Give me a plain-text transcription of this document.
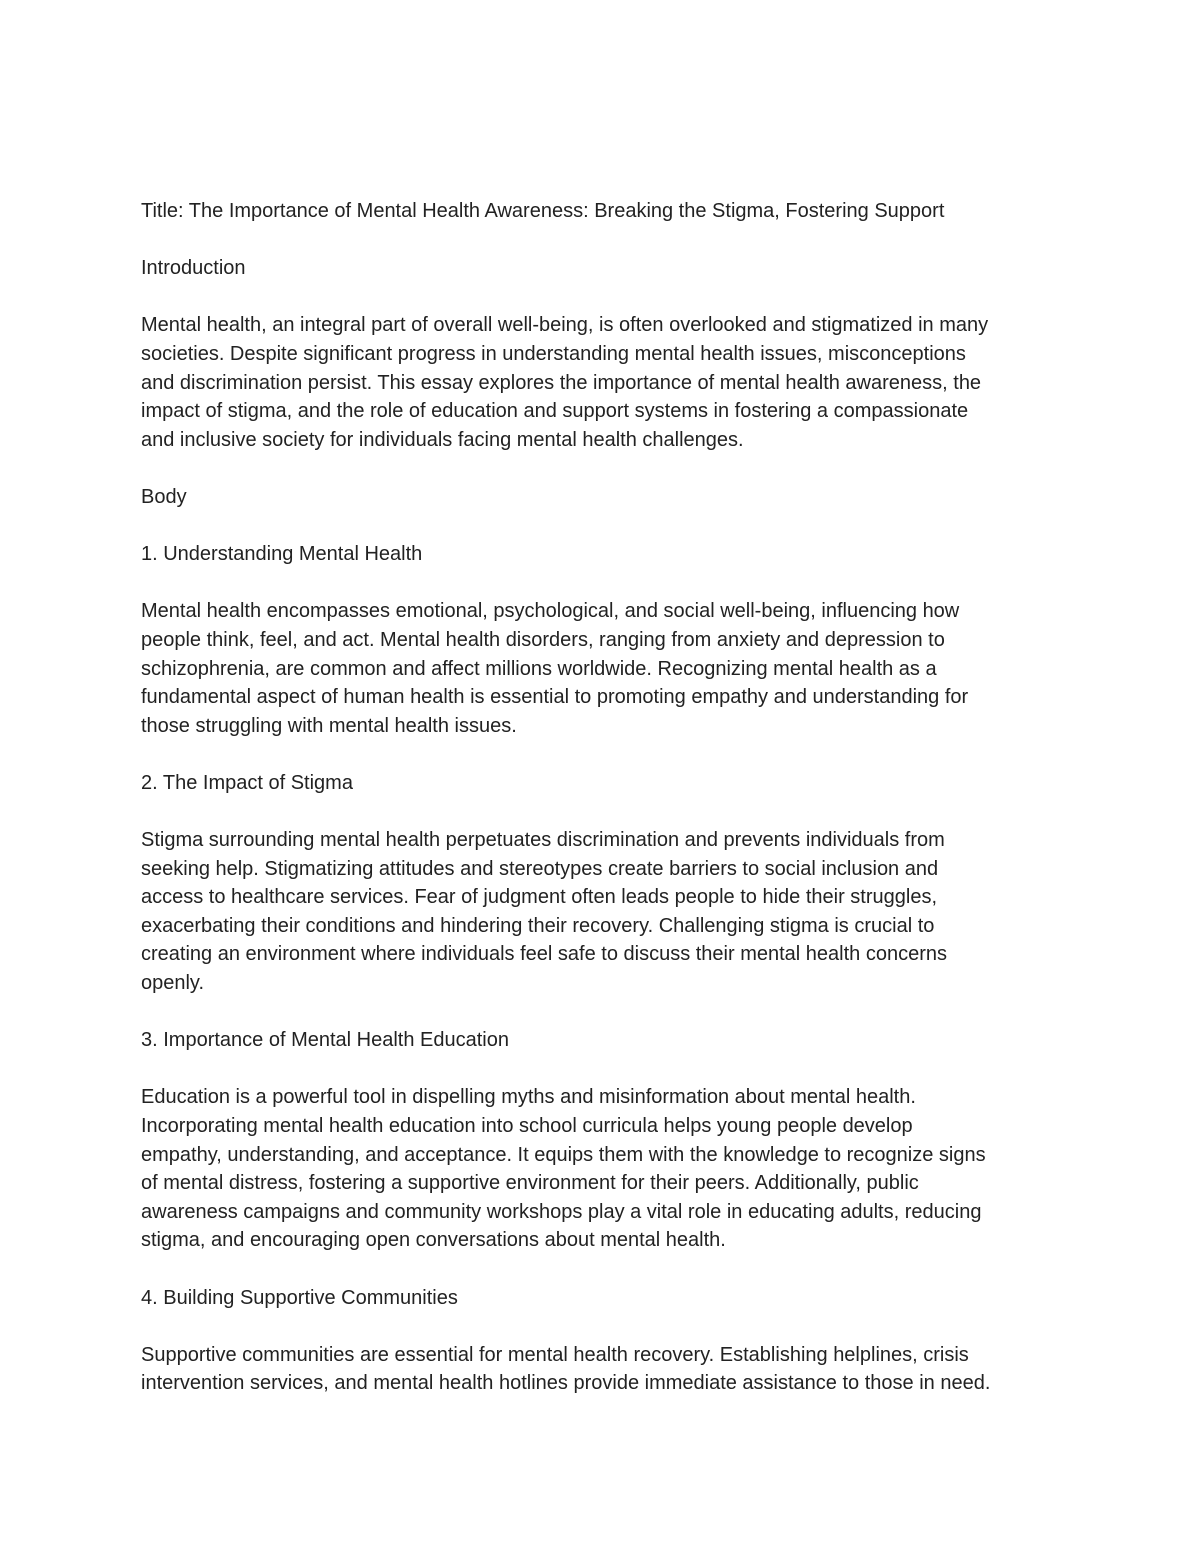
Title: The Importance of Mental Health Awareness: Breaking the Stigma, Fostering Support

Introduction

Mental health, an integral part of overall well-being, is often overlooked and stigmatized in many
societies. Despite significant progress in understanding mental health issues, misconceptions
and discrimination persist. This essay explores the importance of mental health awareness, the
impact of stigma, and the role of education and support systems in fostering a compassionate
and inclusive society for individuals facing mental health challenges.

Body

1. Understanding Mental Health

Mental health encompasses emotional, psychological, and social well-being, influencing how
people think, feel, and act. Mental health disorders, ranging from anxiety and depression to
schizophrenia, are common and affect millions worldwide. Recognizing mental health as a
fundamental aspect of human health is essential to promoting empathy and understanding for
those struggling with mental health issues.

2. The Impact of Stigma

Stigma surrounding mental health perpetuates discrimination and prevents individuals from
seeking help. Stigmatizing attitudes and stereotypes create barriers to social inclusion and
access to healthcare services. Fear of judgment often leads people to hide their struggles,
exacerbating their conditions and hindering their recovery. Challenging stigma is crucial to
creating an environment where individuals feel safe to discuss their mental health concerns
openly.

3. Importance of Mental Health Education

Education is a powerful tool in dispelling myths and misinformation about mental health.
Incorporating mental health education into school curricula helps young people develop
empathy, understanding, and acceptance. It equips them with the knowledge to recognize signs
of mental distress, fostering a supportive environment for their peers. Additionally, public
awareness campaigns and community workshops play a vital role in educating adults, reducing
stigma, and encouraging open conversations about mental health.

4. Building Supportive Communities

Supportive communities are essential for mental health recovery. Establishing helplines, crisis
intervention services, and mental health hotlines provide immediate assistance to those in need.
